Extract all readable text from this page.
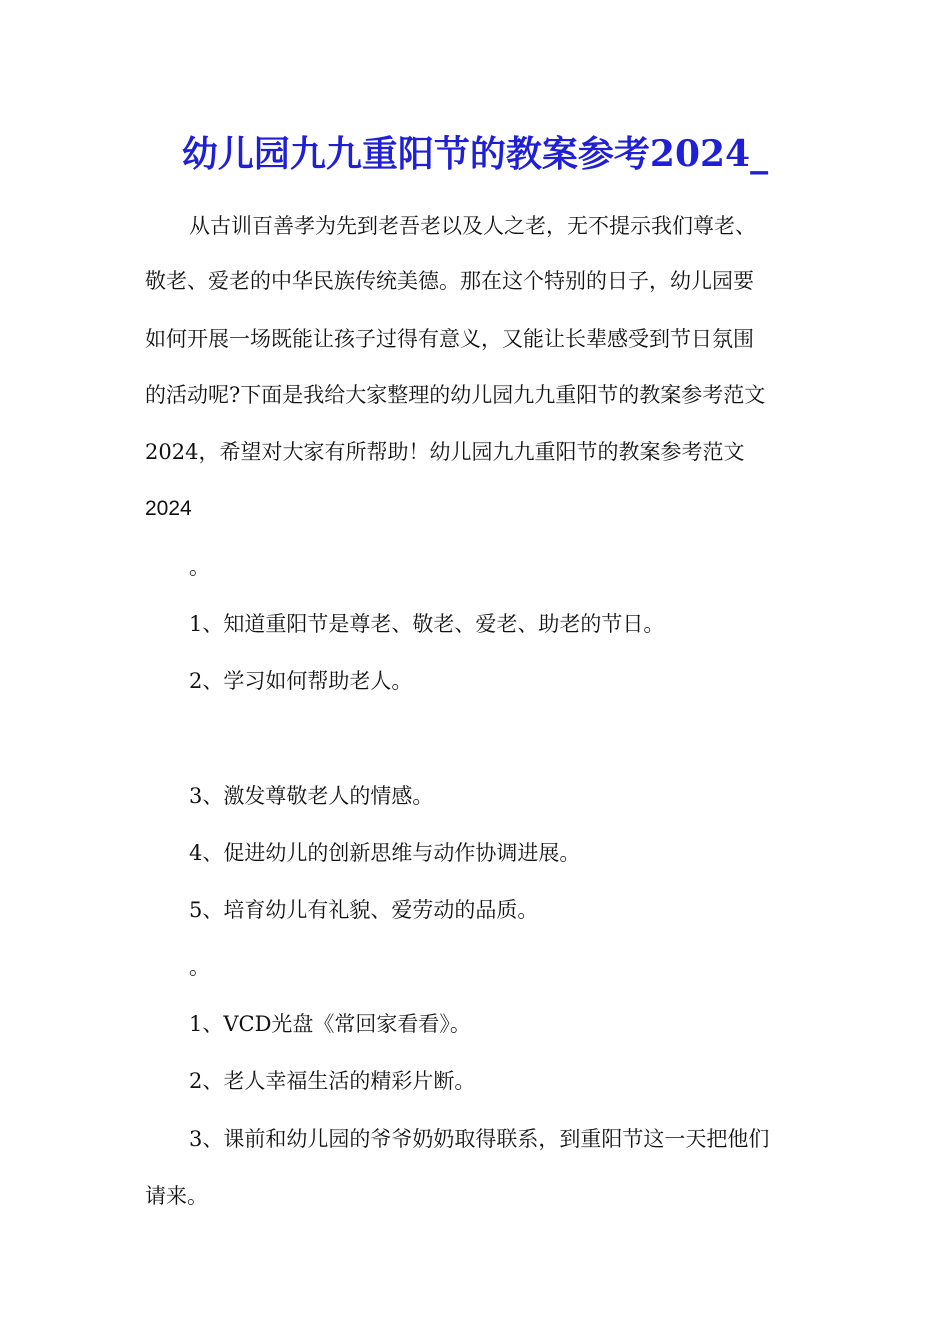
幼儿园九九重阳节的教案参考2024_
从古训百善孝为先到老吾老以及人之老，无不提示我们尊老、
敬老、爱老的中华民族传统美德。那在这个特别的日子，幼儿园要
如何开展一场既能让孩子过得有意义，又能让长辈感受到节日氛围
的活动呢?下面是我给大家整理的幼儿园九九重阳节的教案参考范文
2024，希望对大家有所帮助！幼儿园九九重阳节的教案参考范文
2024
。
1、知道重阳节是尊老、敬老、爱老、助老的节日。
2、学习如何帮助老人。
3、激发尊敬老人的情感。
4、促进幼儿的创新思维与动作协调进展。
5、培育幼儿有礼貌、爱劳动的品质。
。
1、VCD光盘《常回家看看》。
2、老人幸福生活的精彩片断。
3、课前和幼儿园的爷爷奶奶取得联系，到重阳节这一天把他们
请来。
